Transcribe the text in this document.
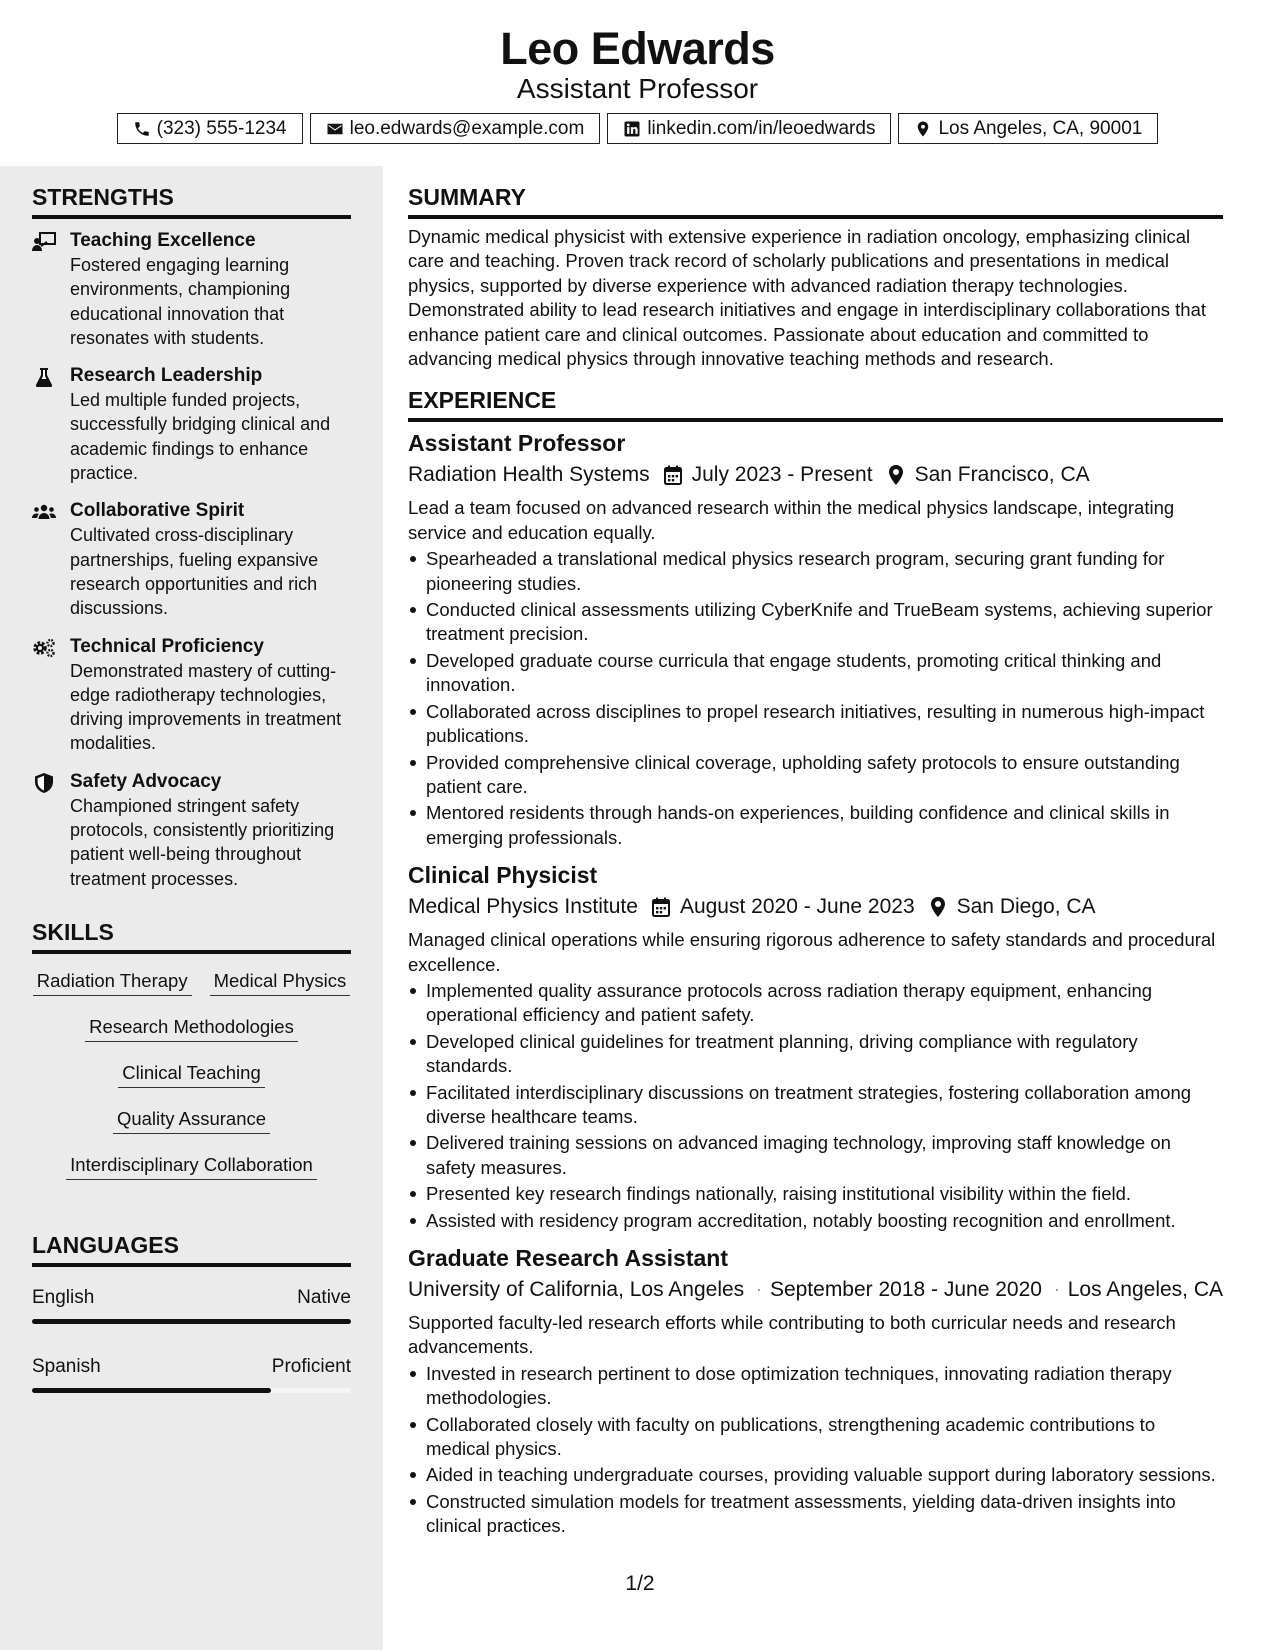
Leo Edwards
Assistant Professor
(323) 555-1234	leo.edwards@example.com	linkedin.com/in/leoedwards	Los Angeles, CA, 90001
STRENGTHS
Teaching Excellence
Fostered engaging learning environments, championing educational innovation that resonates with students.
Research Leadership
Led multiple funded projects, successfully bridging clinical and academic findings to enhance practice.
Collaborative Spirit
Cultivated cross-disciplinary partnerships, fueling expansive research opportunities and rich discussions.
Technical Proficiency
Demonstrated mastery of cutting-edge radiotherapy technologies, driving improvements in treatment modalities.
Safety Advocacy
Championed stringent safety protocols, consistently prioritizing patient well-being throughout treatment processes.
SKILLS
Radiation Therapy Medical Physics
Research Methodologies
Clinical Teaching
Quality Assurance
Interdisciplinary Collaboration
LANGUAGES
English	Native
Spanish	Proficient
SUMMARY
Dynamic medical physicist with extensive experience in radiation oncology, emphasizing clinical care and teaching. Proven track record of scholarly publications and presentations in medical physics, supported by diverse experience with advanced radiation therapy technologies. Demonstrated ability to lead research initiatives and engage in interdisciplinary collaborations that enhance patient care and clinical outcomes. Passionate about education and committed to advancing medical physics through innovative teaching methods and research.
EXPERIENCE
Assistant Professor
Radiation Health Systems July 2023 - Present San Francisco, CA
Lead a team focused on advanced research within the medical physics landscape, integrating service and education equally.
Spearheaded a translational medical physics research program, securing grant funding for pioneering studies.
Conducted clinical assessments utilizing CyberKnife and TrueBeam systems, achieving superior treatment precision.
Developed graduate course curricula that engage students, promoting critical thinking and innovation.
Collaborated across disciplines to propel research initiatives, resulting in numerous high-impact publications.
Provided comprehensive clinical coverage, upholding safety protocols to ensure outstanding patient care.
Mentored residents through hands-on experiences, building confidence and clinical skills in emerging professionals.
Clinical Physicist
Medical Physics Institute August 2020 - June 2023 San Diego, CA
Managed clinical operations while ensuring rigorous adherence to safety standards and procedural excellence.
Implemented quality assurance protocols across radiation therapy equipment, enhancing operational efficiency and patient safety.
Developed clinical guidelines for treatment planning, driving compliance with regulatory standards.
Facilitated interdisciplinary discussions on treatment strategies, fostering collaboration among diverse healthcare teams.
Delivered training sessions on advanced imaging technology, improving staff knowledge on safety measures.
Presented key research findings nationally, raising institutional visibility within the field.
Assisted with residency program accreditation, notably boosting recognition and enrollment.
Graduate Research Assistant
University of California, Los Angeles September 2018 - June 2020 Los Angeles, CA
Supported faculty-led research efforts while contributing to both curricular needs and research advancements.
Invested in research pertinent to dose optimization techniques, innovating radiation therapy methodologies.
Collaborated closely with faculty on publications, strengthening academic contributions to medical physics.
Aided in teaching undergraduate courses, providing valuable support during laboratory sessions.
Constructed simulation models for treatment assessments, yielding data-driven insights into clinical practices.
1/2
